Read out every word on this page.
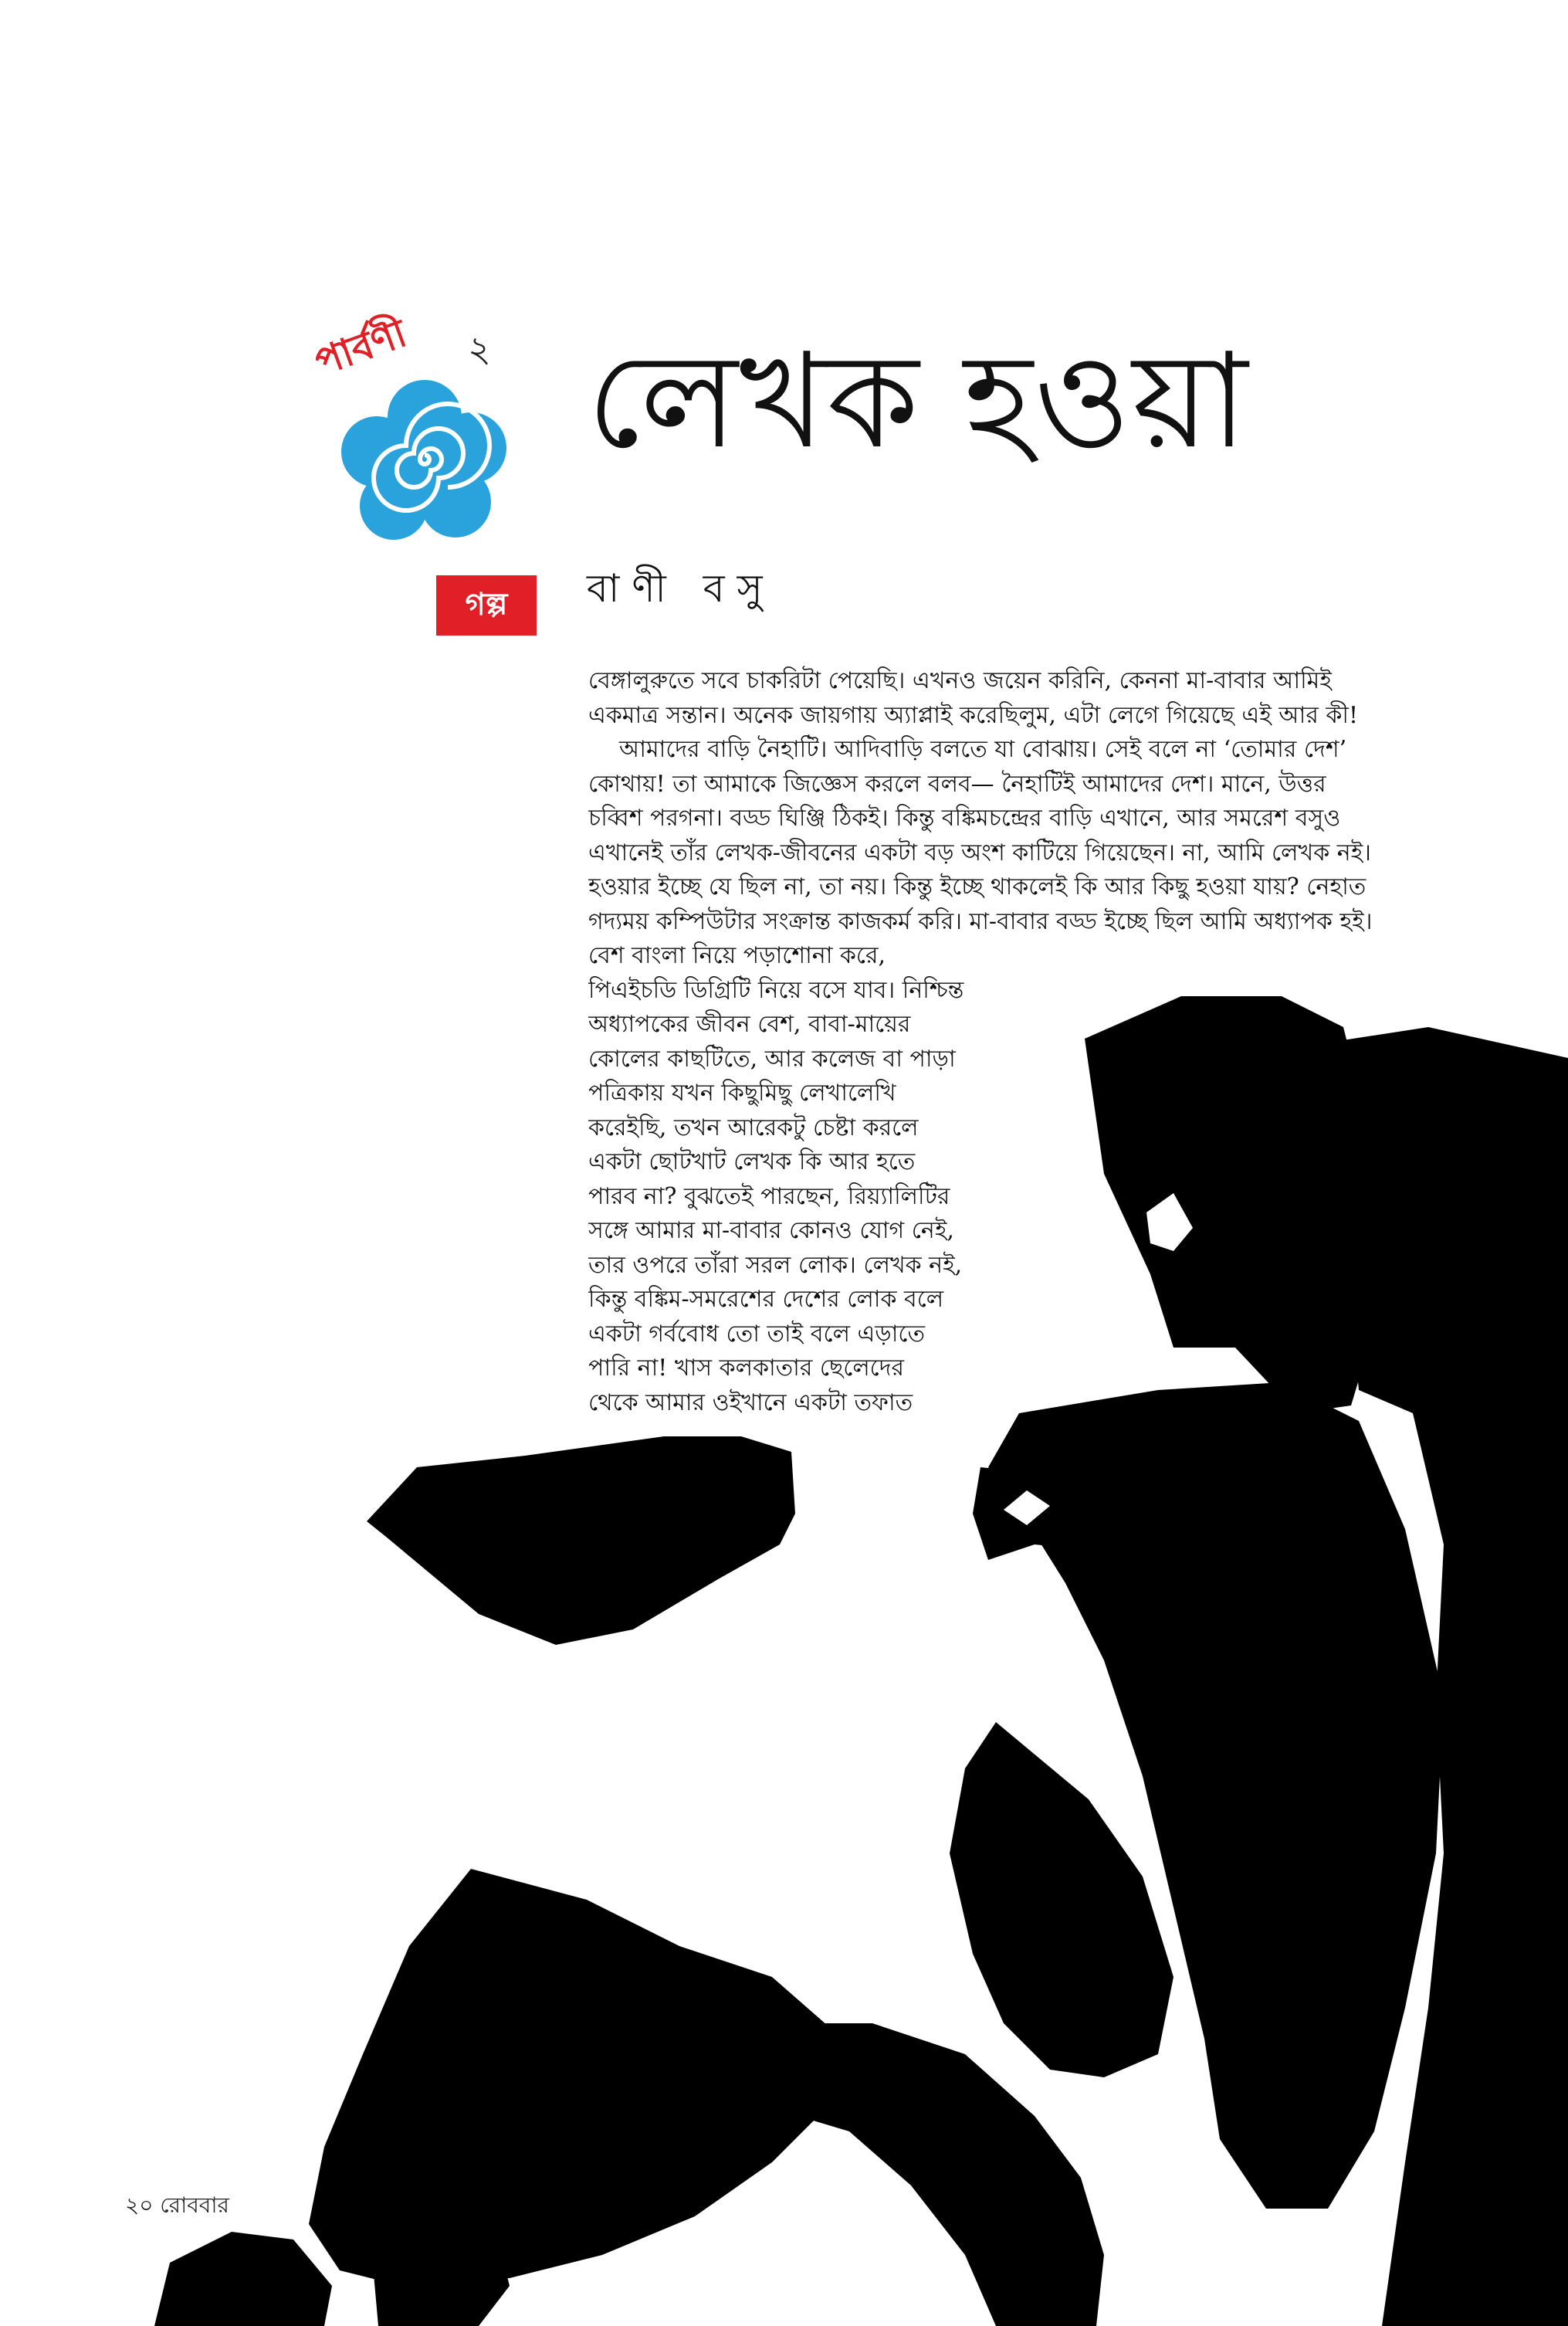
পার্বণী	২
গল্প
লেখক হওয়া
বাণী বসু
বেঙ্গালুরুতে সবে চাকরিটা পেয়েছি। এখনও জয়েন করিনি, কেননা মা-বাবার আমিই
একমাত্র সন্তান। অনেক জায়গায় অ্যাপ্লাই করেছিলুম, এটা লেগে গিয়েছে এই আর কী!
আমাদের বাড়ি নৈহাটি। আদিবাড়ি বলতে যা বোঝায়। সেই বলে না ‘তোমার দেশ’
কোথায়! তা আমাকে জিজ্ঞেস করলে বলব— নৈহাটিই আমাদের দেশ। মানে, উত্তর
চব্বিশ পরগনা। বড্ড ঘিঞ্জি ঠিকই। কিন্তু বঙ্কিমচন্দ্রের বাড়ি এখানে, আর সমরেশ বসুও
এখানেই তাঁর লেখক-জীবনের একটা বড় অংশ কাটিয়ে গিয়েছেন। না, আমি লেখক নই।
হওয়ার ইচ্ছে যে ছিল না, তা নয়। কিন্তু ইচ্ছে থাকলেই কি আর কিছু হওয়া যায়? নেহাত
গদ্যময় কম্পিউটার সংক্রান্ত কাজকর্ম করি। মা-বাবার বড্ড ইচ্ছে ছিল আমি অধ্যাপক হই।
বেশ বাংলা নিয়ে পড়াশোনা করে,
পিএইচডি ডিগ্রিটি নিয়ে বসে যাব। নিশ্চিন্ত
অধ্যাপকের জীবন বেশ, বাবা-মায়ের
কোলের কাছটিতে, আর কলেজ বা পাড়া
পত্রিকায় যখন কিছুমিছু লেখালেখি
করেইছি, তখন আরেকটু চেষ্টা করলে
একটা ছোটখাট লেখক কি আর হতে
পারব না? বুঝতেই পারছেন, রিয়্যালিটির
সঙ্গে আমার মা-বাবার কোনও যোগ নেই,
তার ওপরে তাঁরা সরল লোক। লেখক নই,
কিন্তু বঙ্কিম-সমরেশের দেশের লোক বলে
একটা গর্ববোধ তো তাই বলে এড়াতে
পারি না! খাস কলকাতার ছেলেদের
থেকে আমার ওইখানে একটা তফাত
২০ রোববার
